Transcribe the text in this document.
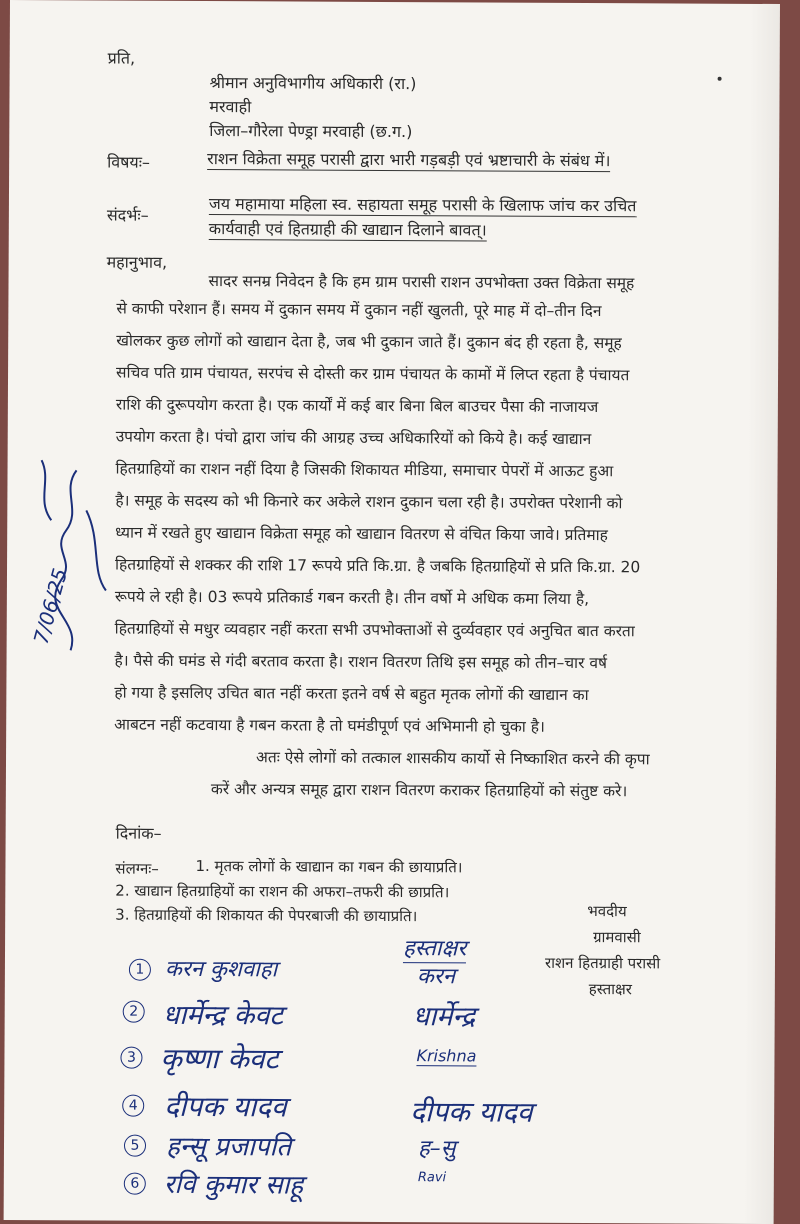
प्रति,
श्रीमान अनुविभागीय अधिकारी (रा.)
मरवाही
जिला–गौरेला पेण्ड्रा मरवाही (छ.ग.)
विषयः–	राशन विक्रेता समूह परासी द्वारा भारी गड़बड़ी एवं भ्रष्टाचारी के संबंध में।
संदर्भः–	जय महामाया महिला स्व. सहायता समूह परासी के खिलाफ जांच कर उचित
कार्यवाही एवं हितग्राही की खाद्यान दिलाने बावत्।
महानुभाव,
सादर सनम्र निवेदन है कि हम ग्राम परासी राशन उपभोक्ता उक्त विक्रेता समूह
से काफी परेशान हैं। समय में दुकान समय में दुकान नहीं खुलती, पूरे माह में दो–तीन दिन
खोलकर कुछ लोगों को खाद्यान देता है, जब भी दुकान जाते हैं। दुकान बंद ही रहता है, समूह
सचिव पति ग्राम पंचायत, सरपंच से दोस्ती कर ग्राम पंचायत के कामों में लिप्त रहता है पंचायत
राशि की दुरूपयोग करता है। एक कार्यों में कई बार बिना बिल बाउचर पैसा की नाजायज
उपयोग करता है। पंचो द्वारा जांच की आग्रह उच्च अधिकारियों को किये है। कई खाद्यान
हितग्राहियों का राशन नहीं दिया है जिसकी शिकायत मीडिया, समाचार पेपरों में आऊट हुआ
है। समूह के सदस्य को भी किनारे कर अकेले राशन दुकान चला रही है। उपरोक्त परेशानी को
ध्यान में रखते हुए खाद्यान विक्रेता समूह को खाद्यान वितरण से वंचित किया जावे। प्रतिमाह
हितग्राहियों से शक्कर की राशि 17 रूपये प्रति कि.ग्रा. है जबकि हितग्राहियों से प्रति कि.ग्रा. 20
रूपये ले रही है। 03 रूपये प्रतिकार्ड गबन करती है। तीन वर्षो मे अधिक कमा लिया है,
हितग्राहियों से मधुर व्यवहार नहीं करता सभी उपभोक्ताओं से दुर्व्यवहार एवं अनुचित बात करता
है। पैसे की घमंड से गंदी बरताव करता है। राशन वितरण तिथि इस समूह को तीन–चार वर्ष
हो गया है इसलिए उचित बात नहीं करता इतने वर्ष से बहुत मृतक लोगों की खाद्यान का
आबटन नहीं कटवाया है गबन करता है तो घमंडीपूर्ण एवं अभिमानी हो चुका है।
अतः ऐसे लोगों को तत्काल शासकीय कार्यो से निष्काशित करने की कृपा
करें और अन्यत्र समूह द्वारा राशन वितरण कराकर हितग्राहियों को संतुष्ट करे।
दिनांक–
संलग्नः– 1. मृतक लोगों के खाद्यान का गबन की छायाप्रति।
2. खाद्यान हितग्राहियों का राशन की अफरा–तफरी की छाप्रति।
3. हितग्राहियों की शिकायत की पेपरबाजी की छायाप्रति।	भवदीय
ग्रामवासी
राशन हितग्राही परासी
हस्ताक्षर
हस्ताक्षर
1 करन कुशवाहा	करन
2 धार्मेन्द्र केवट	धार्मेन्द्र
3 कृष्णा केवट	Krishna
4 दीपक यादव	दीपक यादव
5 हन्सू प्रजापति	ह–सु
6 रवि कुमार साहू	Ravi
7/06/25
